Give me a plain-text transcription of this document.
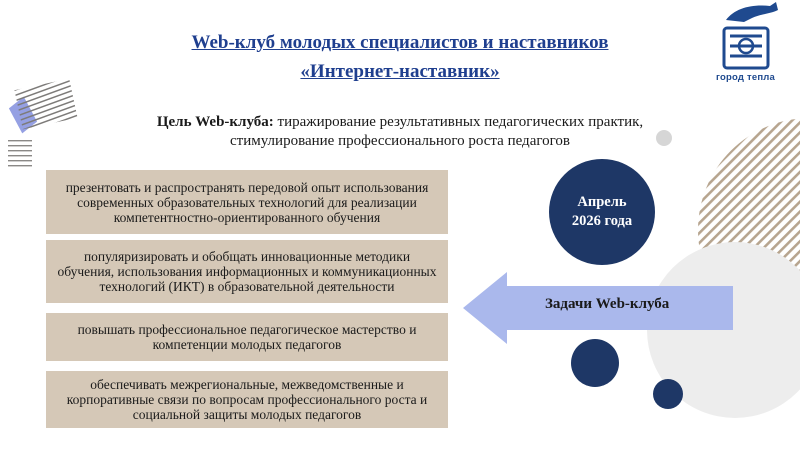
Web-клуб молодых специалистов и наставников
«Интернет-наставник»
Цель Web-клуба: тиражирование результативных педагогических практик,
стимулирование профессионального роста педагогов
презентовать и распространять передовой опыт использования современных образовательных технологий для реализации компетентностно-ориентированного обучения
популяризировать и обобщать инновационные методики обучения, использования информационных и коммуникационных технологий (ИКТ) в образовательной деятельности
повышать профессиональное педагогическое мастерство и компетенции молодых педагогов
обеспечивать межрегиональные, межведомственные и корпоративные связи по вопросам профессионального роста и социальной защиты молодых педагогов
Апрель
2026 года
Задачи Web-клуба
город тепла
